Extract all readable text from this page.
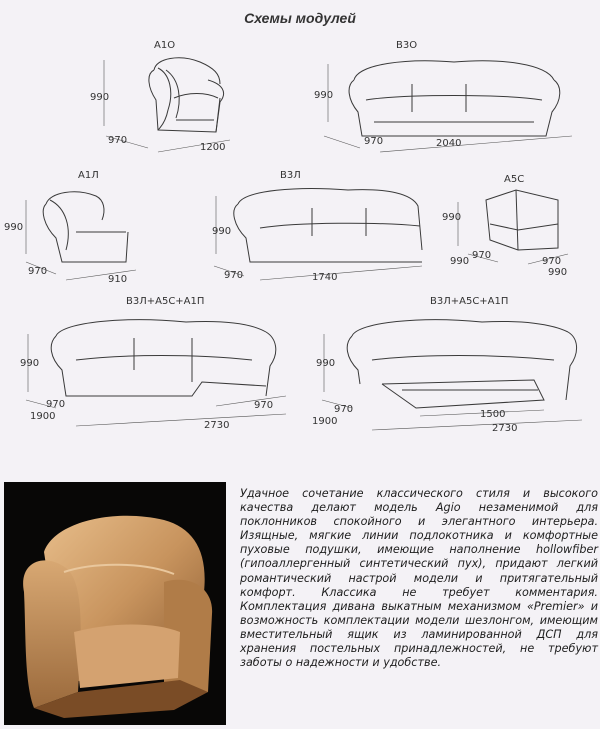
Схемы модулей
A1O
990
970
1200
B3O
990
970	2040
A1Л
990
970
910
B3Л
990
970	1740
A5C
990
990
970
970
990
B3Л+A5C+A1П
990
970
1900
970
2730
B3Л+A5C+A1П
990
970
1900
1500
2730

Удачное сочетание классического стиля и высокого качества делают модель Agio незаменимой для поклонников спокойного и элегантного интерьера. Изящные, мягкие линии подлокотника и комфортные пуховые подушки, имеющие наполнение hollowfiber (гипоаллергенный синтетический пух), придают легкий романтический настрой модели и притягательный комфорт. Классика не требует комментария. Комплектация дивана выкатным механизмом «Premier» и возможность комплектации модели шезлонгом, имеющим вместительный ящик из ламинированной ДСП для хранения постельных принадлежностей, не требуют заботы о надежности и удобстве.
